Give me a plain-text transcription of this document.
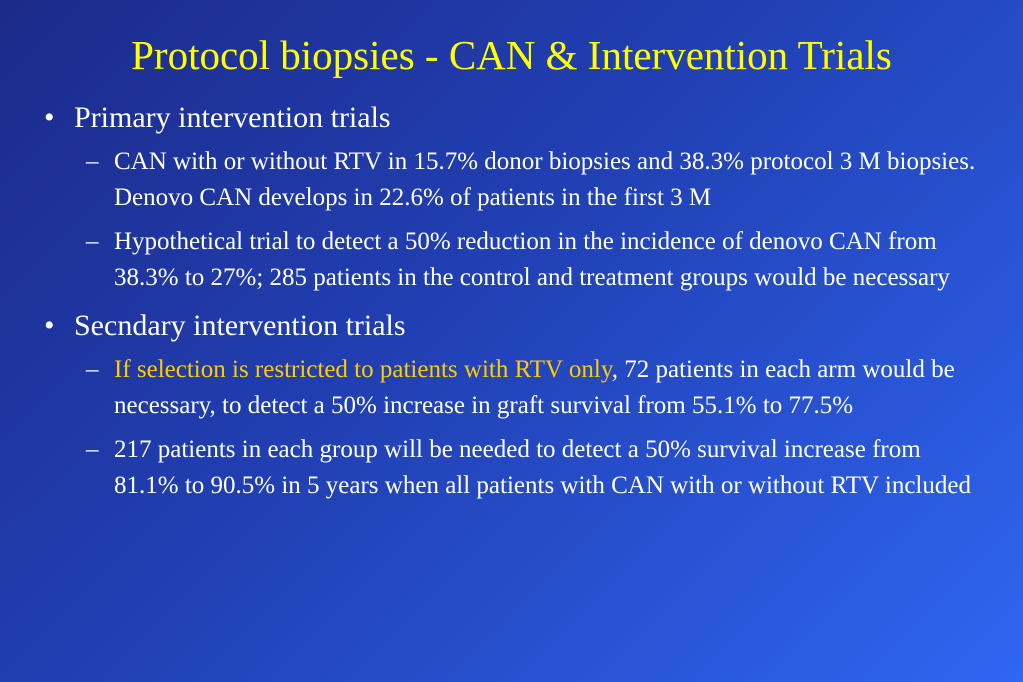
Protocol biopsies - CAN & Intervention Trials
• Primary intervention trials
– CAN with or without RTV in 15.7% donor biopsies and 38.3% protocol 3 M biopsies. Denovo CAN develops in 22.6% of patients in the first 3 M
– Hypothetical trial to detect a 50% reduction in the incidence of denovo CAN from 38.3% to 27%; 285 patients in the control and treatment groups would be necessary
• Secndary intervention trials
– If selection is restricted to patients with RTV only, 72 patients in each arm would be necessary, to detect a 50% increase in graft survival from 55.1% to 77.5%
– 217 patients in each group will be needed to detect a 50% survival increase from 81.1% to 90.5% in 5 years when all patients with CAN with or without RTV included
